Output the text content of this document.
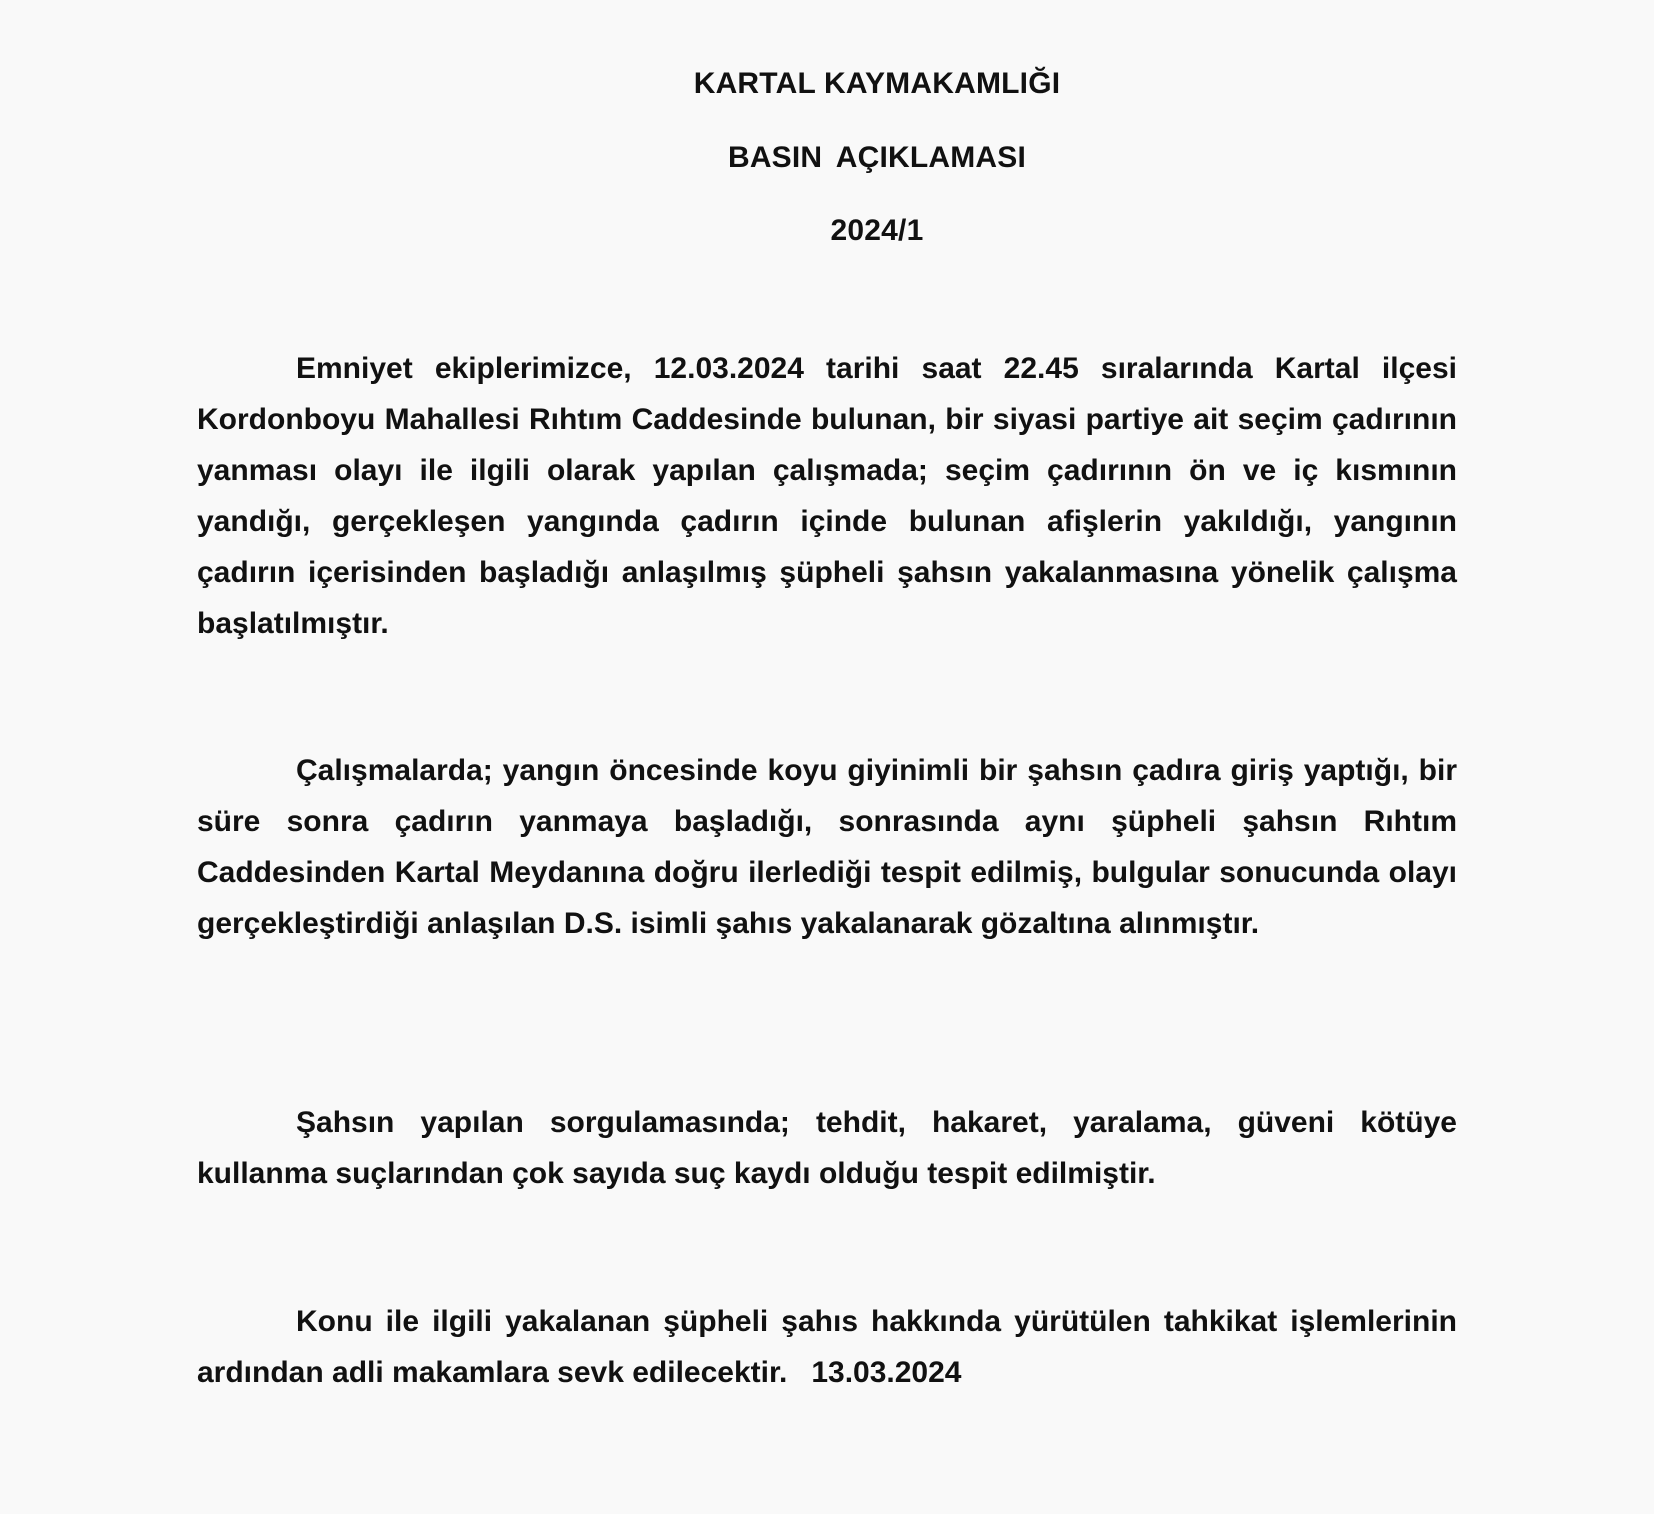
KARTAL KAYMAKAMLIĞI
BASIN AÇIKLAMASI
2024/1

Emniyet ekiplerimizce, 12.03.2024 tarihi saat 22.45 sıralarında Kartal ilçesi Kordonboyu Mahallesi Rıhtım Caddesinde bulunan, bir siyasi partiye ait seçim çadırının yanması olayı ile ilgili olarak yapılan çalışmada; seçim çadırının ön ve iç kısmının yandığı, gerçekleşen yangında çadırın içinde bulunan afişlerin yakıldığı, yangının çadırın içerisinden başladığı anlaşılmış şüpheli şahsın yakalanmasına yönelik çalışma başlatılmıştır.

Çalışmalarda; yangın öncesinde koyu giyinimli bir şahsın çadıra giriş yaptığı, bir süre sonra çadırın yanmaya başladığı, sonrasında aynı şüpheli şahsın Rıhtım Caddesinden Kartal Meydanına doğru ilerlediği tespit edilmiş, bulgular sonucunda olayı gerçekleştirdiği anlaşılan D.S. isimli şahıs yakalanarak gözaltına alınmıştır.

Şahsın yapılan sorgulamasında; tehdit, hakaret, yaralama, güveni kötüye kullanma suçlarından çok sayıda suç kaydı olduğu tespit edilmiştir.

Konu ile ilgili yakalanan şüpheli şahıs hakkında yürütülen tahkikat işlemlerinin ardından adli makamlara sevk edilecektir. 13.03.2024
